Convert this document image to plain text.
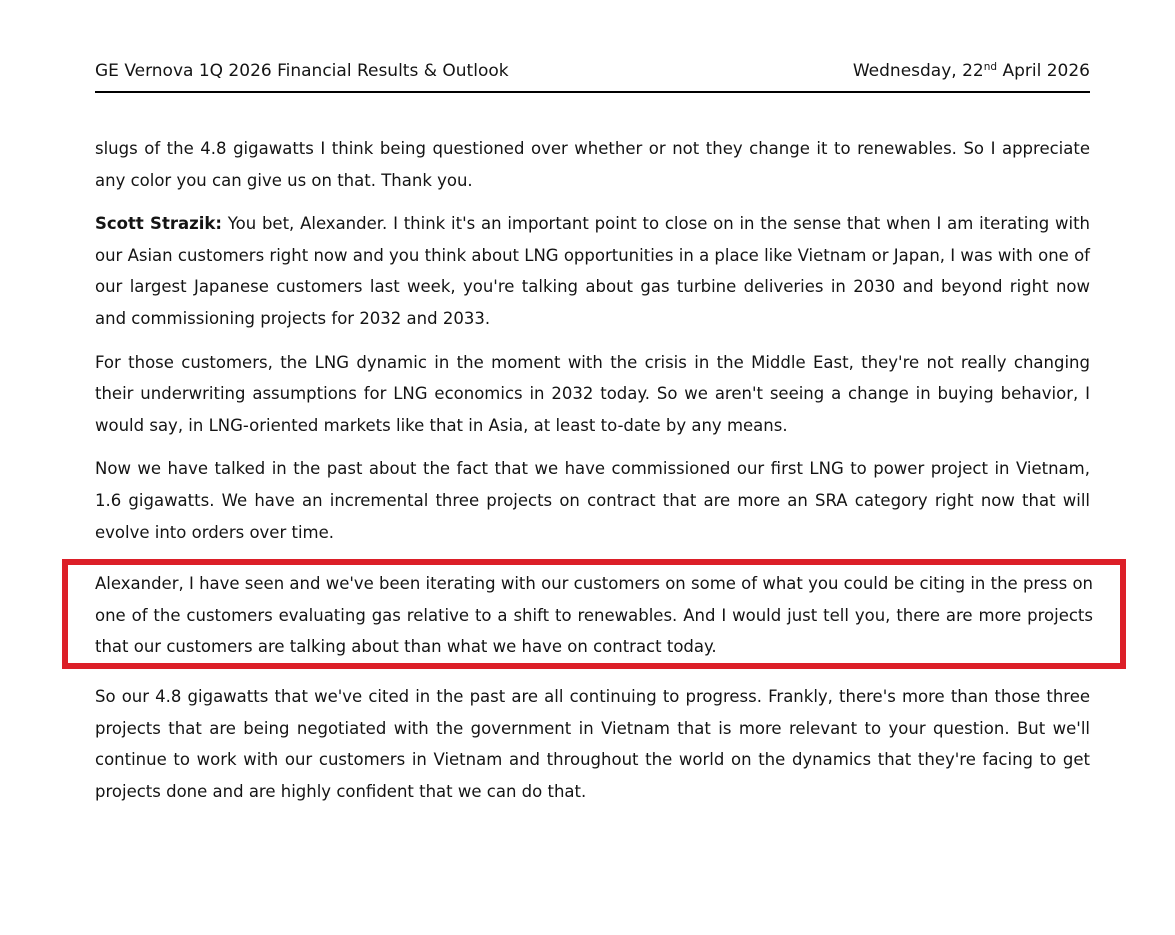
GE Vernova 1Q 2026 Financial Results & Outlook	Wednesday, 22nd April 2026

slugs of the 4.8 gigawatts I think being questioned over whether or not they change it to renewables. So I appreciate any color you can give us on that. Thank you.

Scott Strazik: You bet, Alexander. I think it's an important point to close on in the sense that when I am iterating with our Asian customers right now and you think about LNG opportunities in a place like Vietnam or Japan, I was with one of our largest Japanese customers last week, you're talking about gas turbine deliveries in 2030 and beyond right now and commissioning projects for 2032 and 2033.

For those customers, the LNG dynamic in the moment with the crisis in the Middle East, they're not really changing their underwriting assumptions for LNG economics in 2032 today. So we aren't seeing a change in buying behavior, I would say, in LNG-oriented markets like that in Asia, at least to-date by any means.

Now we have talked in the past about the fact that we have commissioned our first LNG to power project in Vietnam, 1.6 gigawatts. We have an incremental three projects on contract that are more an SRA category right now that will evolve into orders over time.

Alexander, I have seen and we've been iterating with our customers on some of what you could be citing in the press on one of the customers evaluating gas relative to a shift to renewables. And I would just tell you, there are more projects that our customers are talking about than what we have on contract today.

So our 4.8 gigawatts that we've cited in the past are all continuing to progress. Frankly, there's more than those three projects that are being negotiated with the government in Vietnam that is more relevant to your question. But we'll continue to work with our customers in Vietnam and throughout the world on the dynamics that they're facing to get projects done and are highly confident that we can do that.
